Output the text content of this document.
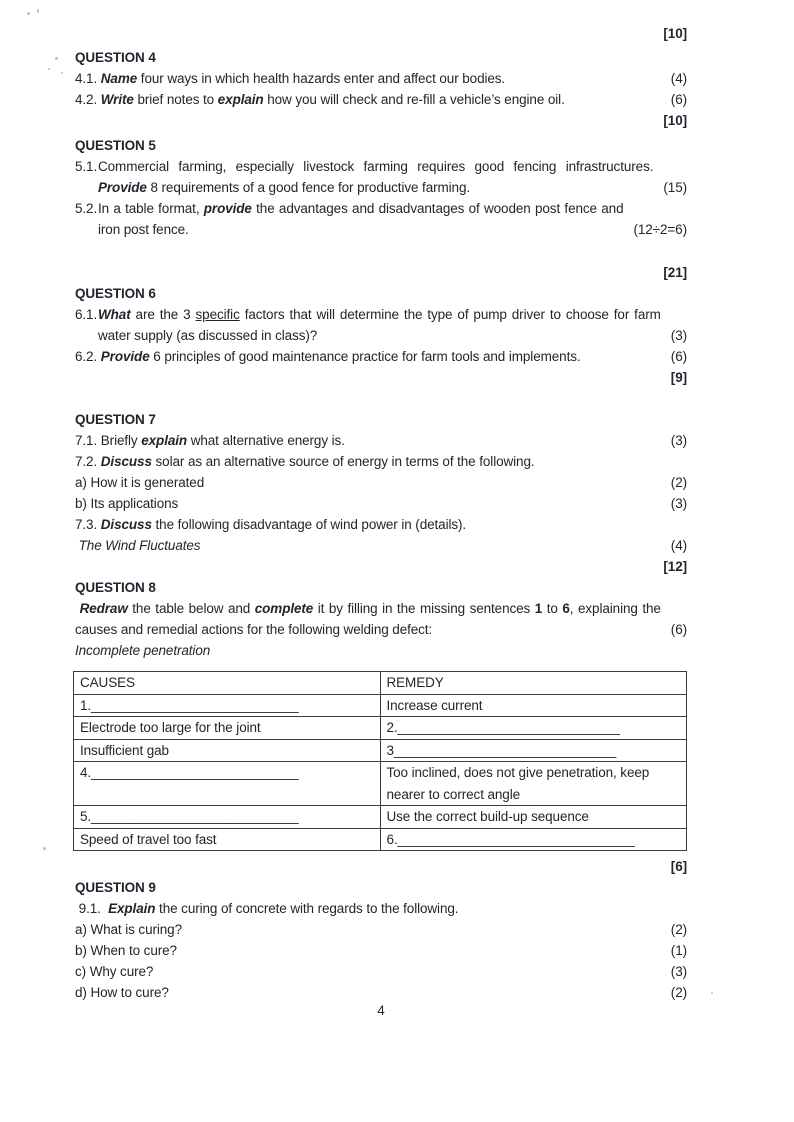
[10]
QUESTION 4
4.1. Name four ways in which health hazards enter and affect our bodies.	(4)
4.2. Write brief notes to explain how you will check and re-fill a vehicle’s engine oil.	(6)
[10]
QUESTION 5
5.1. Commercial farming, especially livestock farming requires good fencing infrastructures. Provide 8 requirements of a good fence for productive farming.	(15)
5.2. In a table format, provide the advantages and disadvantages of wooden post fence and iron post fence.	(12÷2=6)
[21]
QUESTION 6
6.1. What are the 3 specific factors that will determine the type of pump driver to choose for farm water supply (as discussed in class)?	(3)
6.2. Provide 6 principles of good maintenance practice for farm tools and implements.	(6)
[9]
QUESTION 7
7.1. Briefly explain what alternative energy is.	(3)
7.2. Discuss solar as an alternative source of energy in terms of the following.
a) How it is generated	(2)
b) Its applications	(3)
7.3. Discuss the following disadvantage of wind power in (details).
The Wind Fluctuates	(4)
[12]
QUESTION 8
Redraw the table below and complete it by filling in the missing sentences 1 to 6, explaining the causes and remedial actions for the following welding defect:	(6)
Incomplete penetration
CAUSES	REMEDY
1.____________________________	Increase current
Electrode too large for the joint	2.______________________________
Insufficient gab	3______________________________
4.____________________________	Too inclined, does not give penetration, keep nearer to correct angle
5.____________________________	Use the correct build-up sequence
Speed of travel too fast	6.________________________________
[6]
QUESTION 9
9.1.  Explain the curing of concrete with regards to the following.
a) What is curing?	(2)
b) When to cure?	(1)
c) Why cure?	(3)
d) How to cure?	(2)
4
